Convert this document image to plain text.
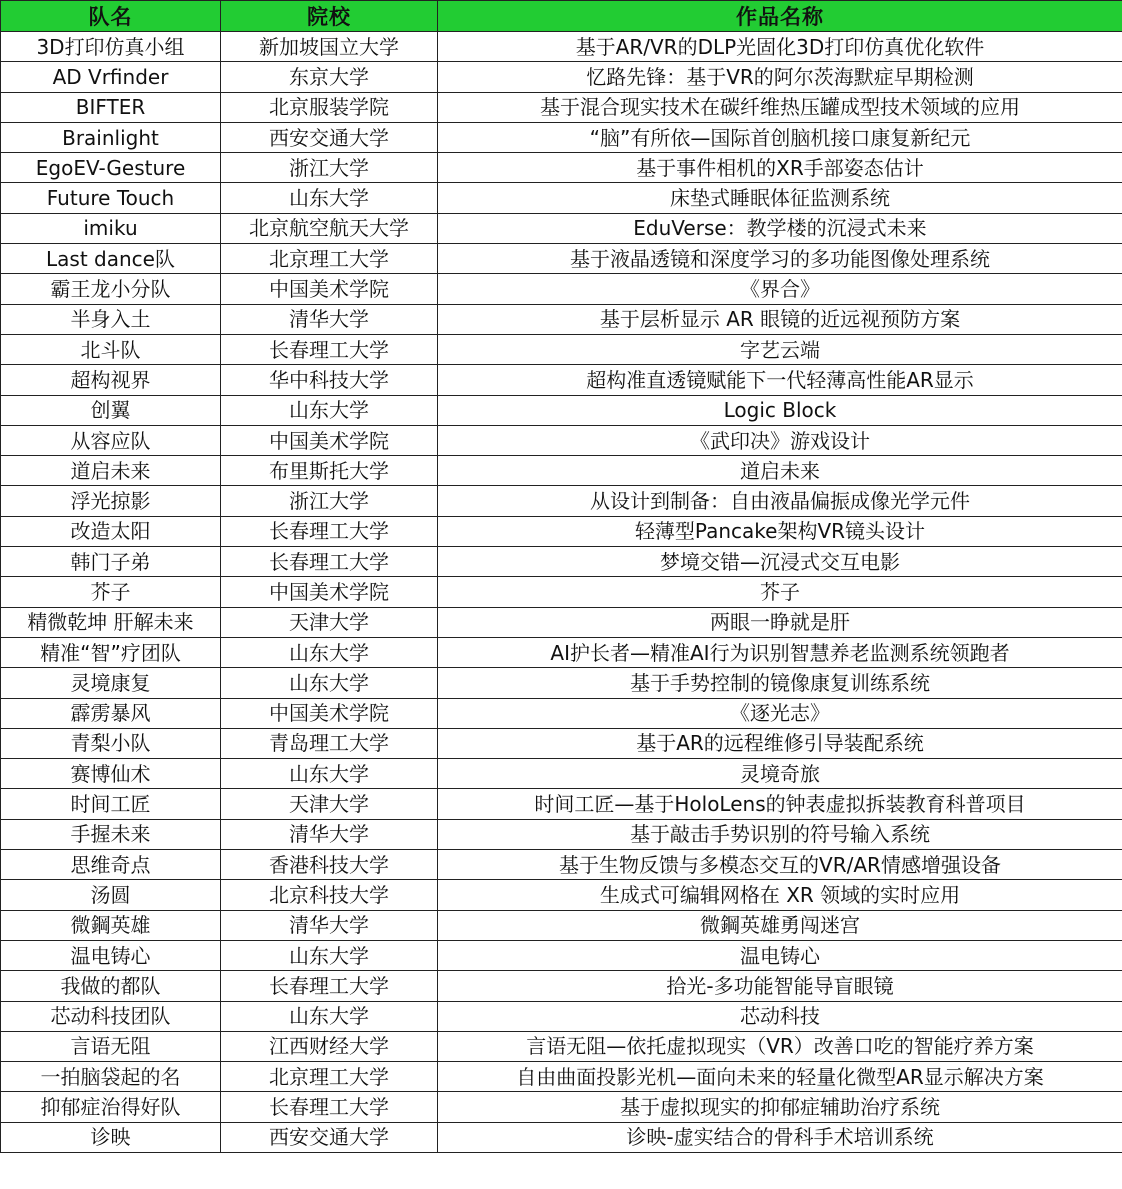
队名	院校	作品名称
3D打印仿真小组	新加坡国立大学	基于AR/VR的DLP光固化3D打印仿真优化软件
AD Vrfinder	东京大学	忆路先锋：基于VR的阿尔茨海默症早期检测
BIFTER	北京服装学院	基于混合现实技术在碳纤维热压罐成型技术领域的应用
Brainlight	西安交通大学	“脑”有所依—国际首创脑机接口康复新纪元
EgoEV-Gesture	浙江大学	基于事件相机的XR手部姿态估计
Future Touch	山东大学	床垫式睡眠体征监测系统
imiku	北京航空航天大学	EduVerse：教学楼的沉浸式未来
Last dance队	北京理工大学	基于液晶透镜和深度学习的多功能图像处理系统
霸王龙小分队	中国美术学院	《界合》
半身入土	清华大学	基于层析显示 AR 眼镜的近远视预防方案
北斗队	长春理工大学	字艺云端
超构视界	华中科技大学	超构准直透镜赋能下一代轻薄高性能AR显示
创翼	山东大学	Logic Block
从容应队	中国美术学院	《武印决》游戏设计
道启未来	布里斯托大学	道启未来
浮光掠影	浙江大学	从设计到制备：自由液晶偏振成像光学元件
改造太阳	长春理工大学	轻薄型Pancake架构VR镜头设计
韩门子弟	长春理工大学	梦境交错—沉浸式交互电影
芥子	中国美术学院	芥子
精微乾坤 肝解未来	天津大学	两眼一睁就是肝
精准“智”疗团队	山东大学	AI护长者—精准AI行为识别智慧养老监测系统领跑者
灵境康复	山东大学	基于手势控制的镜像康复训练系统
霹雳暴风	中国美术学院	《逐光志》
青梨小队	青岛理工大学	基于AR的远程维修引导装配系统
赛博仙术	山东大学	灵境奇旅
时间工匠	天津大学	时间工匠—基于HoloLens的钟表虚拟拆装教育科普项目
手握未来	清华大学	基于敲击手势识别的符号输入系统
思维奇点	香港科技大学	基于生物反馈与多模态交互的VR/AR情感增强设备
汤圆	北京科技大学	生成式可编辑网格在 XR 领域的实时应用
微鋼英雄	清华大学	微鋼英雄勇闯迷宫
温电铸心	山东大学	温电铸心
我做的都队	长春理工大学	拾光-多功能智能导盲眼镜
芯动科技团队	山东大学	芯动科技
言语无阻	江西财经大学	言语无阻—依托虚拟现实（VR）改善口吃的智能疗养方案
一拍脑袋起的名	北京理工大学	自由曲面投影光机—面向未来的轻量化微型AR显示解决方案
抑郁症治得好队	长春理工大学	基于虚拟现实的抑郁症辅助治疗系统
诊映	西安交通大学	诊映-虚实结合的骨科手术培训系统
